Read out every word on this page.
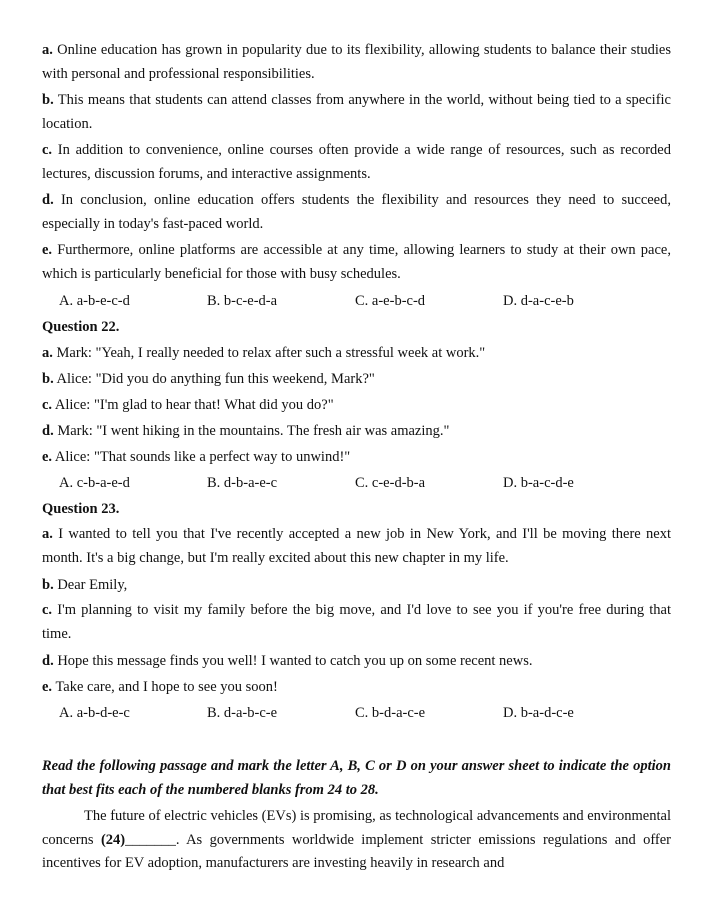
a. Online education has grown in popularity due to its flexibility, allowing students to balance their studies with personal and professional responsibilities.

b. This means that students can attend classes from anywhere in the world, without being tied to a specific location.

c. In addition to convenience, online courses often provide a wide range of resources, such as recorded lectures, discussion forums, and interactive assignments.

d. In conclusion, online education offers students the flexibility and resources they need to succeed, especially in today's fast-paced world.

e. Furthermore, online platforms are accessible at any time, allowing learners to study at their own pace, which is particularly beneficial for those with busy schedules.

A. a-b-e-c-d	B. b-c-e-d-a	C. a-e-b-c-d	D. d-a-c-e-b
Question 22.
a. Mark: "Yeah, I really needed to relax after such a stressful week at work."
b. Alice: "Did you do anything fun this weekend, Mark?"
c. Alice: "I'm glad to hear that! What did you do?"
d. Mark: "I went hiking in the mountains. The fresh air was amazing."
e. Alice: "That sounds like a perfect way to unwind!"
A. c-b-a-e-d	B. d-b-a-e-c	C. c-e-d-b-a	D. b-a-c-d-e
Question 23.

a. I wanted to tell you that I've recently accepted a new job in New York, and I'll be moving there next month. It's a big change, but I'm really excited about this new chapter in my life.

b. Dear Emily,

c. I'm planning to visit my family before the big move, and I'd love to see you if you're free during that time.

d. Hope this message finds you well! I wanted to catch you up on some recent news.
e. Take care, and I hope to see you soon!
A. a-b-d-e-c	B. d-a-b-c-e	C. b-d-a-c-e	D. b-a-d-c-e

Read the following passage and mark the letter A, B, C or D on your answer sheet to indicate the option that best fits each of the numbered blanks from 24 to 28.

The future of electric vehicles (EVs) is promising, as technological advancements and environmental concerns (24)_______. As governments worldwide implement stricter emissions regulations and offer incentives for EV adoption, manufacturers are investing heavily in research and
